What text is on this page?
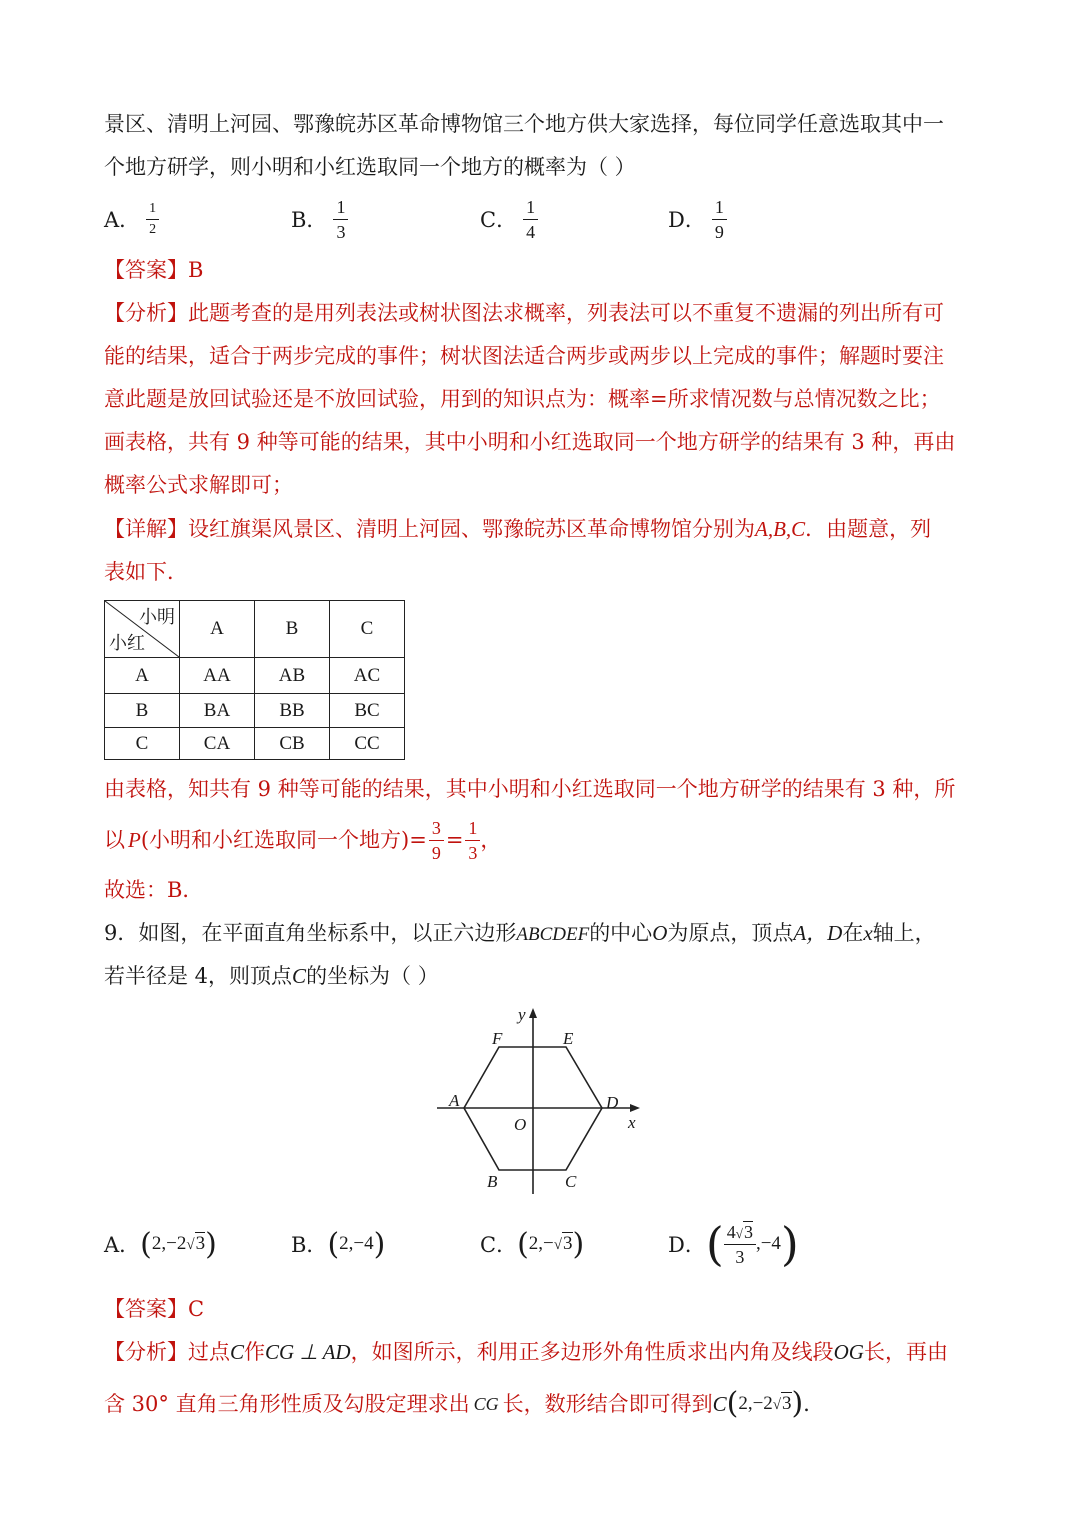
景区、清明上河园、鄂豫皖苏区革命博物馆三个地方供大家选择，每位同学任意选取其中一
个地方研学，则小明和小红选取同一个地方的概率为（ ）
A． $\frac{1}{2}$	B． $\frac{1}{3}$	C． $\frac{1}{4}$	D． $\frac{1}{9}$
【答案】B
【分析】此题考查的是用列表法或树状图法求概率，列表法可以不重复不遗漏的列出所有可
能的结果，适合于两步完成的事件；树状图法适合两步或两步以上完成的事件；解题时要注
意此题是放回试验还是不放回试验，用到的知识点为：概率=所求情况数与总情况数之比；
画表格，共有 9 种等可能的结果，其中小明和小红选取同一个地方研学的结果有 3 种，再由
概率公式求解即可；
【详解】设红旗渠风景区、清明上河园、鄂豫皖苏区革命博物馆分别为A,B,C．由题意，列
表如下．
小明
小红	A	B	C
A	AA	AB	AC
B	BA	BB	BC
C	CA	CB	CC
由表格，知共有 9 种等可能的结果，其中小明和小红选取同一个地方研学的结果有 3 种，所
以 P (小明和小红选取同一个地方)= $\frac{3}{9} = \frac{1}{3}$ ，
故选：B．
9．如图，在平面直角坐标系中，以正六边形ABCDEF的中心O为原点，顶点A，D在x轴上，
若半径是 4，则顶点C的坐标为（ ）
y
x
O
A	D
F	E
B	C
A． ( 2,−2√3 )	B． ( 2,−4 )	C． ( 2,−√3 )	D． ( $\frac{4√3}{3} ,-4$ )
【答案】C
【分析】过点C作CG ⊥ AD，如图所示，利用正多边形外角性质求出内角及线段OG长，再由
含 30° 直角三角形性质及勾股定理求出 CG 长，数形结合即可得到 C ( 2,−2√3 ) ．
